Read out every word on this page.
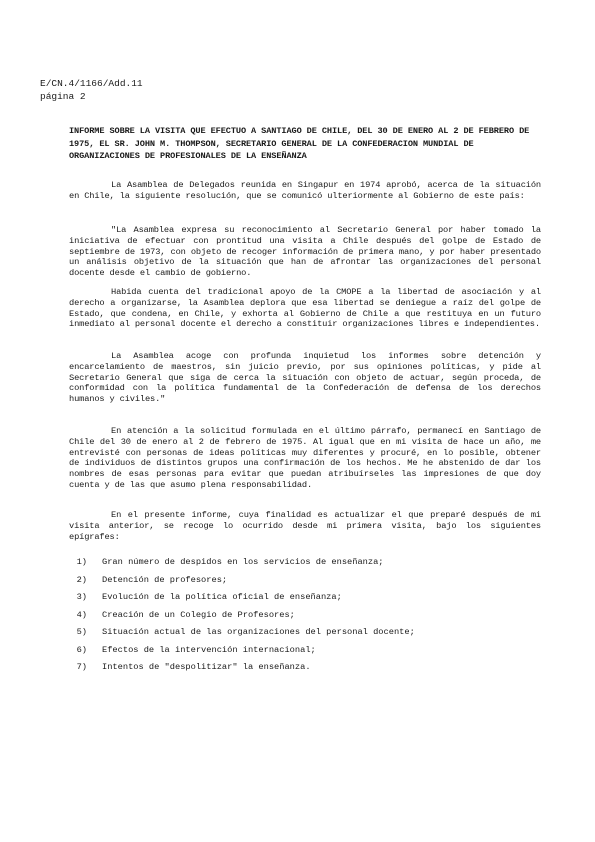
E/CN.4/1166/Add.11
página 2
INFORME SOBRE LA VISITA QUE EFECTUO A SANTIAGO DE CHILE, DEL 30 DE ENERO AL 2 DE FEBRERO DE 1975, EL SR. JOHN M. THOMPSON, SECRETARIO GENERAL DE LA CONFEDERACION MUNDIAL DE ORGANIZACIONES DE PROFESIONALES DE LA ENSEÑANZA
La Asamblea de Delegados reunida en Singapur en 1974 aprobó, acerca de la situación en Chile, la siguiente resolución, que se comunicó ulteriormente al Gobierno de este país:
"La Asamblea expresa su reconocimiento al Secretario General por haber tomado la iniciativa de efectuar con prontitud una visita a Chile después del golpe de Estado de septiembre de 1973, con objeto de recoger información de primera mano, y por haber presentado un análisis objetivo de la situación que han de afrontar las organizaciones del personal docente desde el cambio de gobierno.
Habida cuenta del tradicional apoyo de la CMOPE a la libertad de asociación y al derecho a organizarse, la Asamblea deplora que esa libertad se deniegue a raíz del golpe de Estado, que condena, en Chile, y exhorta al Gobierno de Chile a que restituya en un futuro inmediato al personal docente el derecho a constituir organizaciones libres e independientes.
La Asamblea acoge con profunda inquietud los informes sobre detención y encarcelamiento de maestros, sin juicio previo, por sus opiniones políticas, y pide al Secretario General que siga de cerca la situación con objeto de actuar, según proceda, de conformidad con la política fundamental de la Confederación de defensa de los derechos humanos y civiles."
En atención a la solicitud formulada en el último párrafo, permanecí en Santiago de Chile del 30 de enero al 2 de febrero de 1975. Al igual que en mi visita de hace un año, me entrevisté con personas de ideas políticas muy diferentes y procuré, en lo posible, obtener de individuos de distintos grupos una confirmación de los hechos. Me he abstenido de dar los nombres de esas personas para evitar que puedan atribuírseles las impresiones de que doy cuenta y de las que asumo plena responsabilidad.
En el presente informe, cuya finalidad es actualizar el que preparé después de mi visita anterior, se recoge lo ocurrido desde mi primera visita, bajo los siguientes epígrafes:
1)	Gran número de despidos en los servicios de enseñanza;
2)	Detención de profesores;
3)	Evolución de la política oficial de enseñanza;
4)	Creación de un Colegio de Profesores;
5)	Situación actual de las organizaciones del personal docente;
6)	Efectos de la intervención internacional;
7)	Intentos de "despolitizar" la enseñanza.
